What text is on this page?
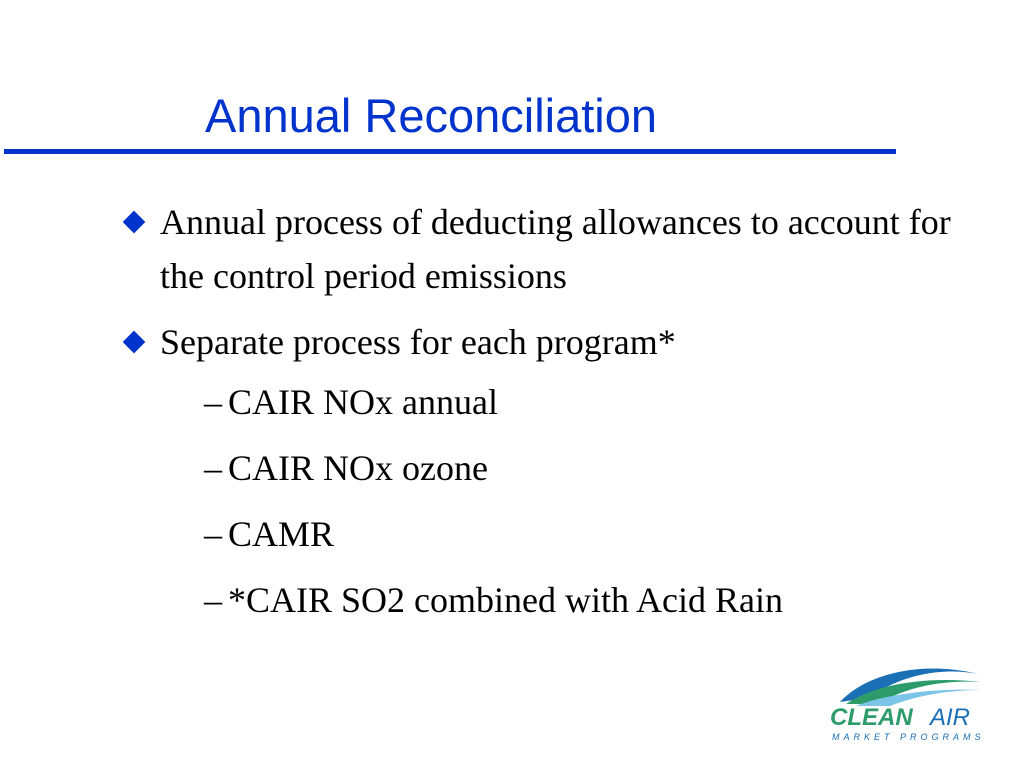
Annual Reconciliation
Annual process of deducting allowances to account for the control period emissions
Separate process for each program*
– CAIR NOx annual
– CAIR NOx ozone
– CAMR
– *CAIR SO2 combined with Acid Rain
CLEAN AIR
MARKET PROGRAMS
